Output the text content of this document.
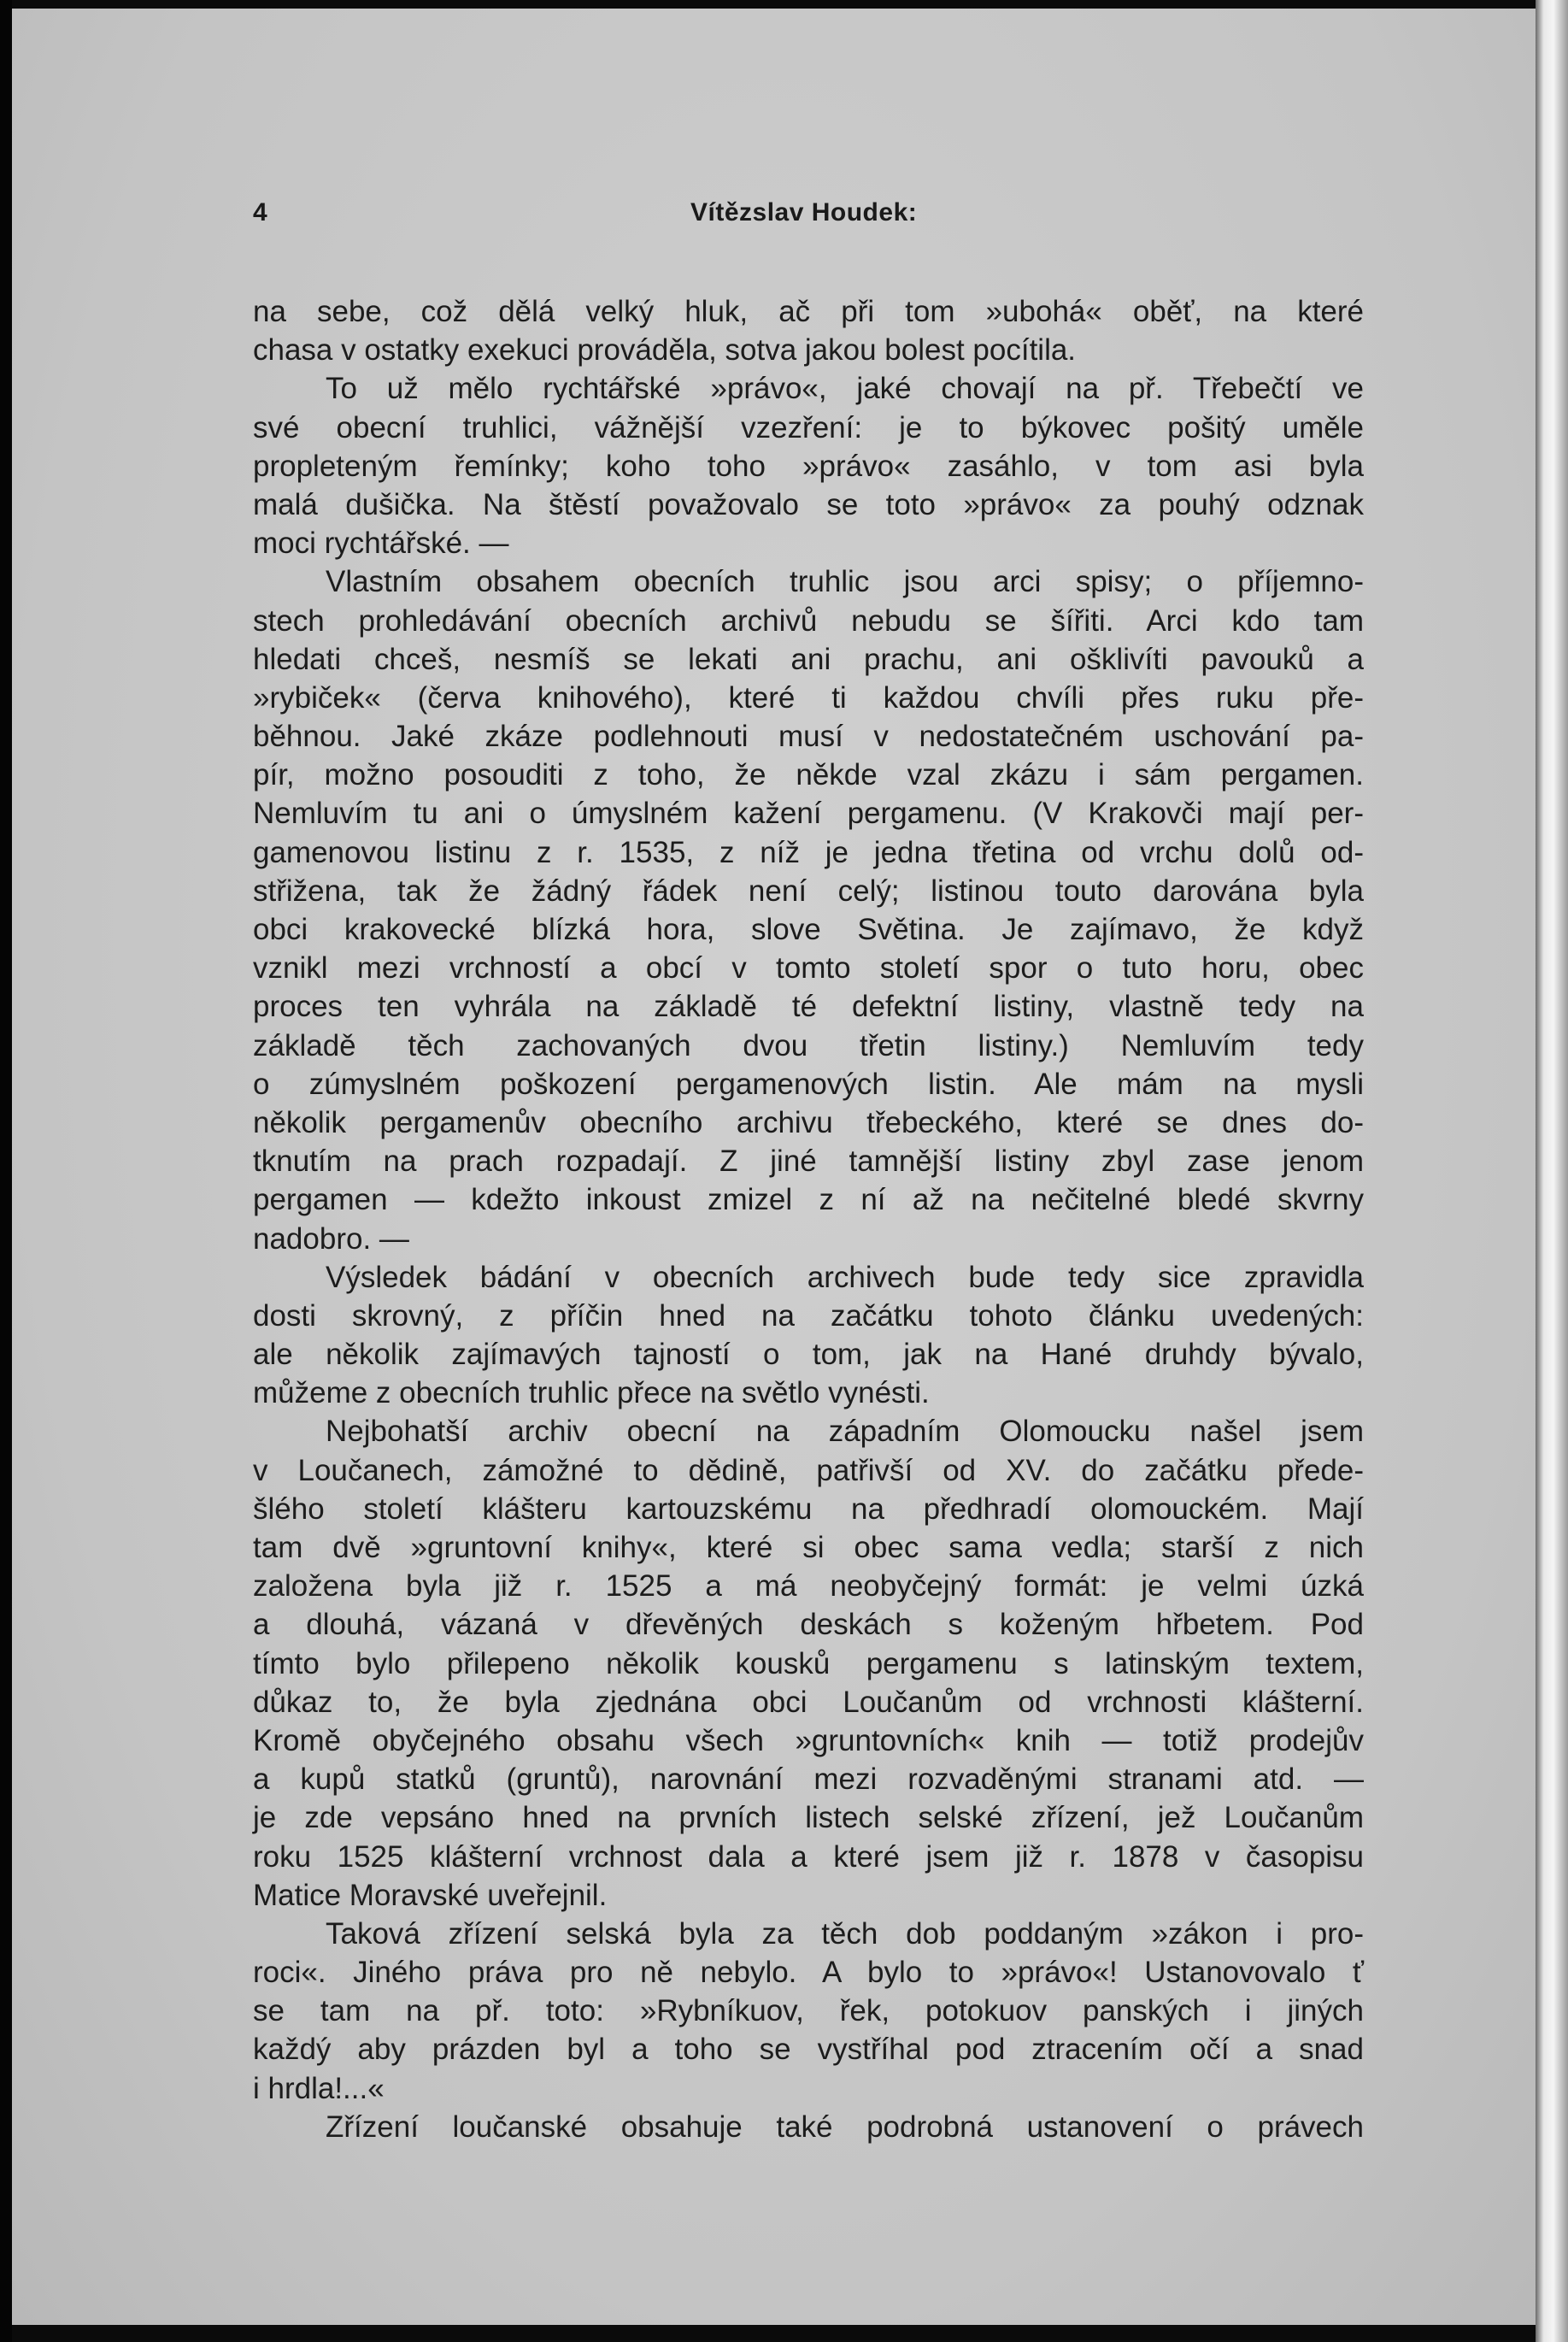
4	Vítězslav Houdek:
na sebe, což dělá velký hluk, ač při tom »ubohá« oběť, na které
chasa v ostatky exekuci prováděla, sotva jakou bolest pocítila.
To už mělo rychtářské »právo«, jaké chovají na př. Třebečtí ve
své obecní truhlici, vážnější vzezření: je to býkovec pošitý uměle
propleteným řemínky; koho toho »právo« zasáhlo, v tom asi byla
malá dušička. Na štěstí považovalo se toto »právo« za pouhý odznak
moci rychtářské. —
Vlastním obsahem obecních truhlic jsou arci spisy; o příjemno-
stech prohledávání obecních archivů nebudu se šířiti. Arci kdo tam
hledati chceš, nesmíš se lekati ani prachu, ani ošklivíti pavouků a
»rybiček« (červa knihového), které ti každou chvíli přes ruku pře-
běhnou. Jaké zkáze podlehnouti musí v nedostatečném uschování pa-
pír, možno posouditi z toho, že někde vzal zkázu i sám pergamen.
Nemluvím tu ani o úmyslném kažení pergamenu. (V Krakovči mají per-
gamenovou listinu z r. 1535, z níž je jedna třetina od vrchu dolů od-
střižena, tak že žádný řádek není celý; listinou touto darována byla
obci krakovecké blízká hora, slove Světina. Je zajímavo, že když
vznikl mezi vrchností a obcí v tomto století spor o tuto horu, obec
proces ten vyhrála na základě té defektní listiny, vlastně tedy na
základě těch zachovaných dvou třetin listiny.) Nemluvím tedy
o zúmyslném poškození pergamenových listin. Ale mám na mysli
několik pergamenův obecního archivu třebeckého, které se dnes do-
tknutím na prach rozpadají. Z jiné tamnější listiny zbyl zase jenom
pergamen — kdežto inkoust zmizel z ní až na nečitelné bledé skvrny
nadobro. —
Výsledek bádání v obecních archivech bude tedy sice zpravidla
dosti skrovný, z příčin hned na začátku tohoto článku uvedených:
ale několik zajímavých tajností o tom, jak na Hané druhdy bývalo,
můžeme z obecních truhlic přece na světlo vynésti.
Nejbohatší archiv obecní na západním Olomoucku našel jsem
v Loučanech, zámožné to dědině, patřivší od XV. do začátku přede-
šlého století klášteru kartouzskému na předhradí olomouckém. Mají
tam dvě »gruntovní knihy«, které si obec sama vedla; starší z nich
založena byla již r. 1525 a má neobyčejný formát: je velmi úzká
a dlouhá, vázaná v dřevěných deskách s koženým hřbetem. Pod
tímto bylo přilepeno několik kousků pergamenu s latinským textem,
důkaz to, že byla zjednána obci Loučanům od vrchnosti klášterní.
Kromě obyčejného obsahu všech »gruntovních« knih — totiž prodejův
a kupů statků (gruntů), narovnání mezi rozvaděnými stranami atd. —
je zde vepsáno hned na prvních listech selské zřízení, jež Loučanům
roku 1525 klášterní vrchnost dala a které jsem již r. 1878 v časopisu
Matice Moravské uveřejnil.
Taková zřízení selská byla za těch dob poddaným »zákon i pro-
roci«. Jiného práva pro ně nebylo. A bylo to »právo«! Ustanovovalo ť
se tam na př. toto: »Rybníkuov, řek, potokuov panských i jiných
každý aby prázden byl a toho se vystříhal pod ztracením očí a snad
i hrdla!...«
Zřízení loučanské obsahuje také podrobná ustanovení o právech
